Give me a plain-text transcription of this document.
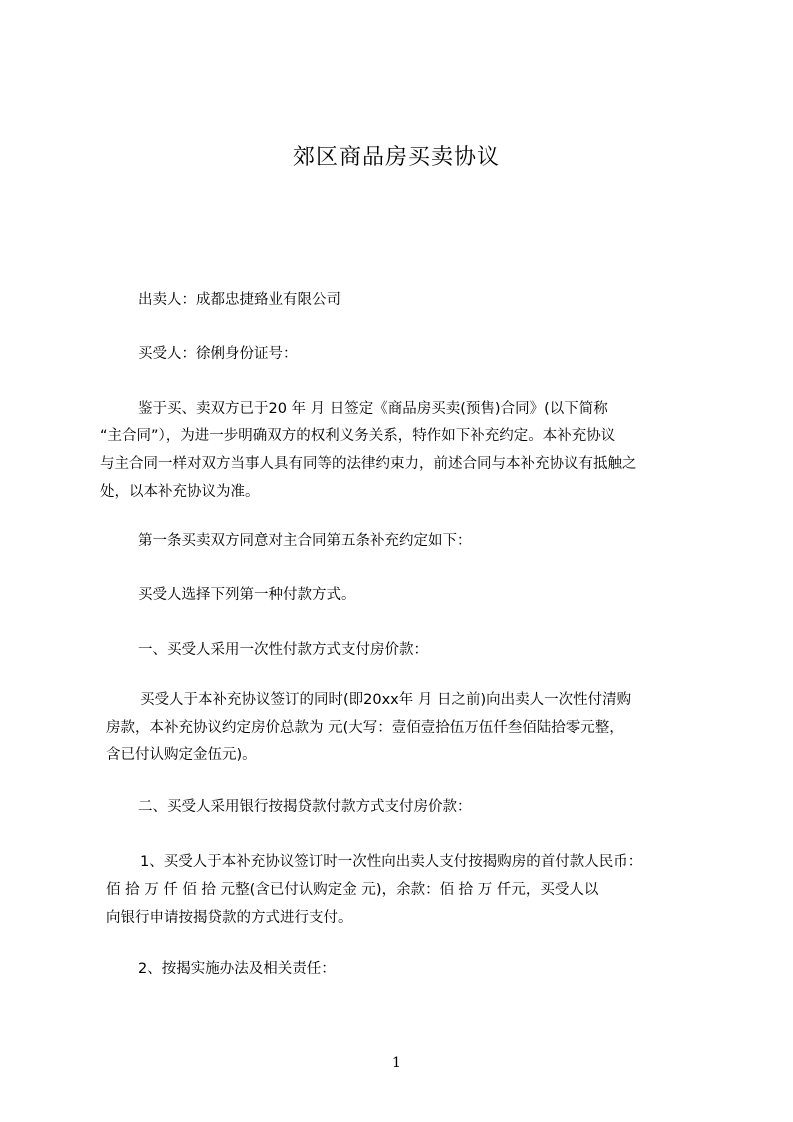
郊区商品房买卖协议
出卖人：成都忠捷臵业有限公司
买受人：徐俐身份证号：
鉴于买、卖双方已于20 年 月 日签定《商品房买卖(预售)合同》(以下简称
“主合同”），为进一步明确双方的权利义务关系，特作如下补充约定。本补充协议
与主合同一样对双方当事人具有同等的法律约束力，前述合同与本补充协议有抵触之
处，以本补充协议为准。
第一条买卖双方同意对主合同第五条补充约定如下：
买受人选择下列第一种付款方式。
一、买受人采用一次性付款方式支付房价款：
买受人于本补充协议签订的同时(即20xx年 月 日之前)向出卖人一次性付清购
房款，本补充协议约定房价总款为 元(大写：壹佰壹拾伍万伍仟叁佰陆拾零元整，
含已付认购定金伍元)。
二、买受人采用银行按揭贷款付款方式支付房价款：
1、买受人于本补充协议签订时一次性向出卖人支付按揭购房的首付款人民币：
佰 拾 万 仟 佰 拾 元整(含已付认购定金 元)，余款：佰 拾 万 仟元，买受人以
向银行申请按揭贷款的方式进行支付。
2、按揭实施办法及相关责任：
1
